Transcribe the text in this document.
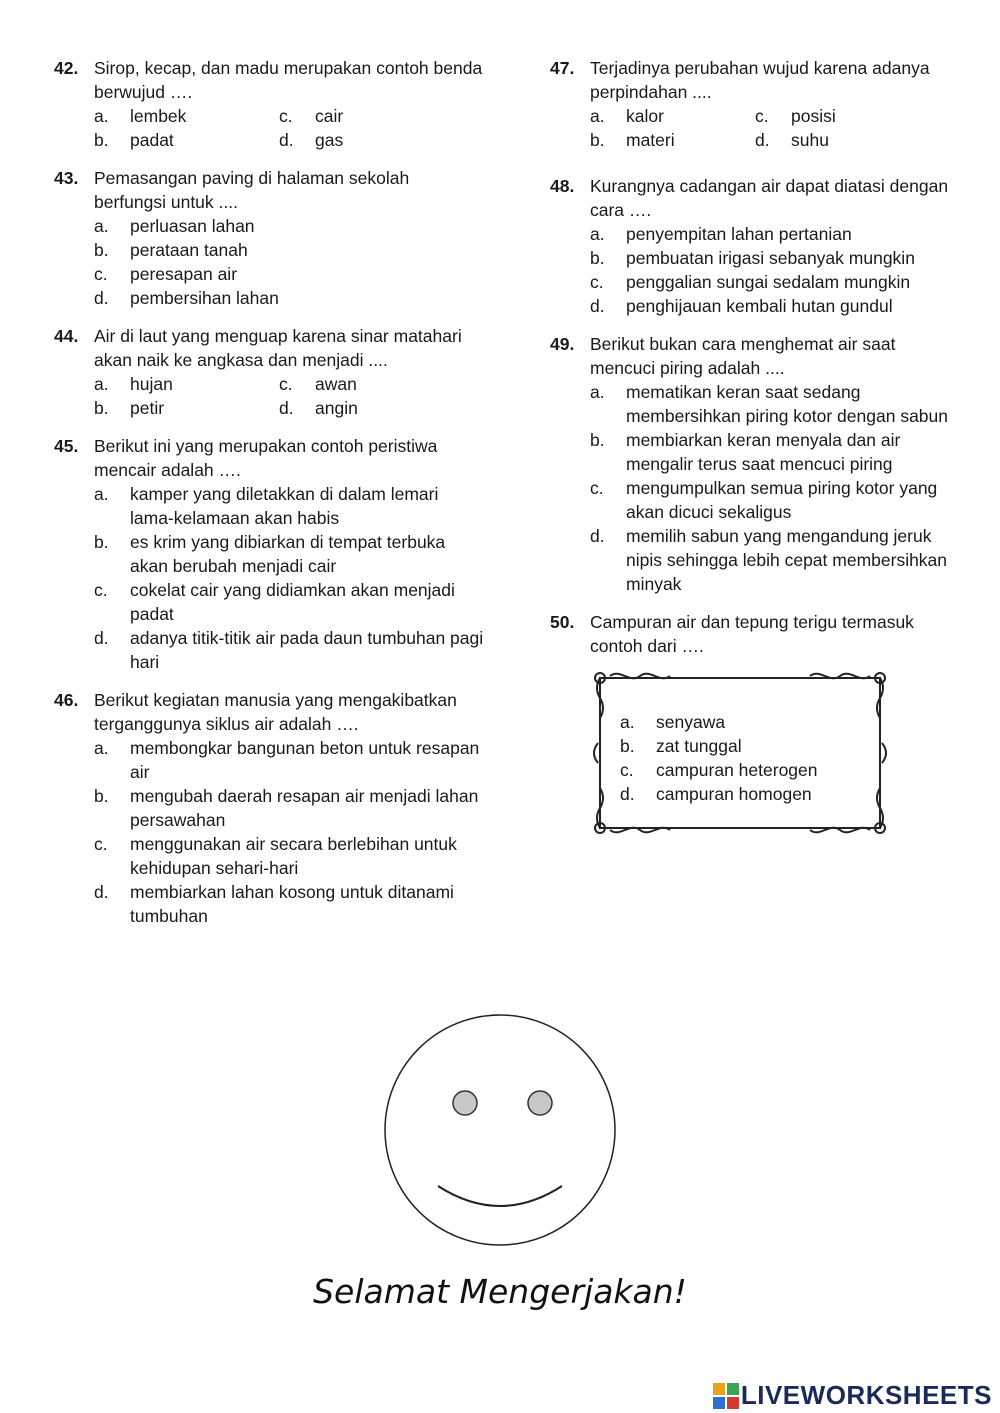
42. Sirop, kecap, dan madu merupakan contoh benda berwujud ….
a.	lembek	c.	cair
b.	padat	d.	gas
43. Pemasangan paving di halaman sekolah berfungsi untuk ....
a.	perluasan lahan
b.	perataan tanah
c.	peresapan air
d.	pembersihan lahan
44. Air di laut yang menguap karena sinar matahari akan naik ke angkasa dan menjadi ....
a.	hujan	c.	awan
b.	petir	d.	angin
45. Berikut ini yang merupakan contoh peristiwa mencair adalah ….
a.	kamper yang diletakkan di dalam lemari lama-kelamaan akan habis
b.	es krim yang dibiarkan di tempat terbuka akan berubah menjadi cair
c.	cokelat cair yang didiamkan akan menjadi padat
d.	adanya titik-titik air pada daun tumbuhan pagi hari
46. Berikut kegiatan manusia yang mengakibatkan terganggunya siklus air adalah ….
a.	membongkar bangunan beton untuk resapan air
b.	mengubah daerah resapan air menjadi lahan persawahan
c.	menggunakan air secara berlebihan untuk kehidupan sehari-hari
d.	membiarkan lahan kosong untuk ditanami tumbuhan
47. Terjadinya perubahan wujud karena adanya perpindahan ....
a.	kalor	c.	posisi
b.	materi	d.	suhu
48. Kurangnya cadangan air dapat diatasi dengan cara ….
a.	penyempitan lahan pertanian
b.	pembuatan irigasi sebanyak mungkin
c.	penggalian sungai sedalam mungkin
d.	penghijauan kembali hutan gundul
49. Berikut bukan cara menghemat air saat mencuci piring adalah ....
a.	mematikan keran saat sedang membersihkan piring kotor dengan sabun
b.	membiarkan keran menyala dan air mengalir terus saat mencuci piring
c.	mengumpulkan semua piring kotor yang akan dicuci sekaligus
d.	memilih sabun yang mengandung jeruk nipis sehingga lebih cepat membersihkan minyak
50. Campuran air dan tepung terigu termasuk contoh dari ….
a.	senyawa
b.	zat tunggal
c.	campuran heterogen
d.	campuran homogen
Selamat Mengerjakan!
LIVEWORKSHEETS
